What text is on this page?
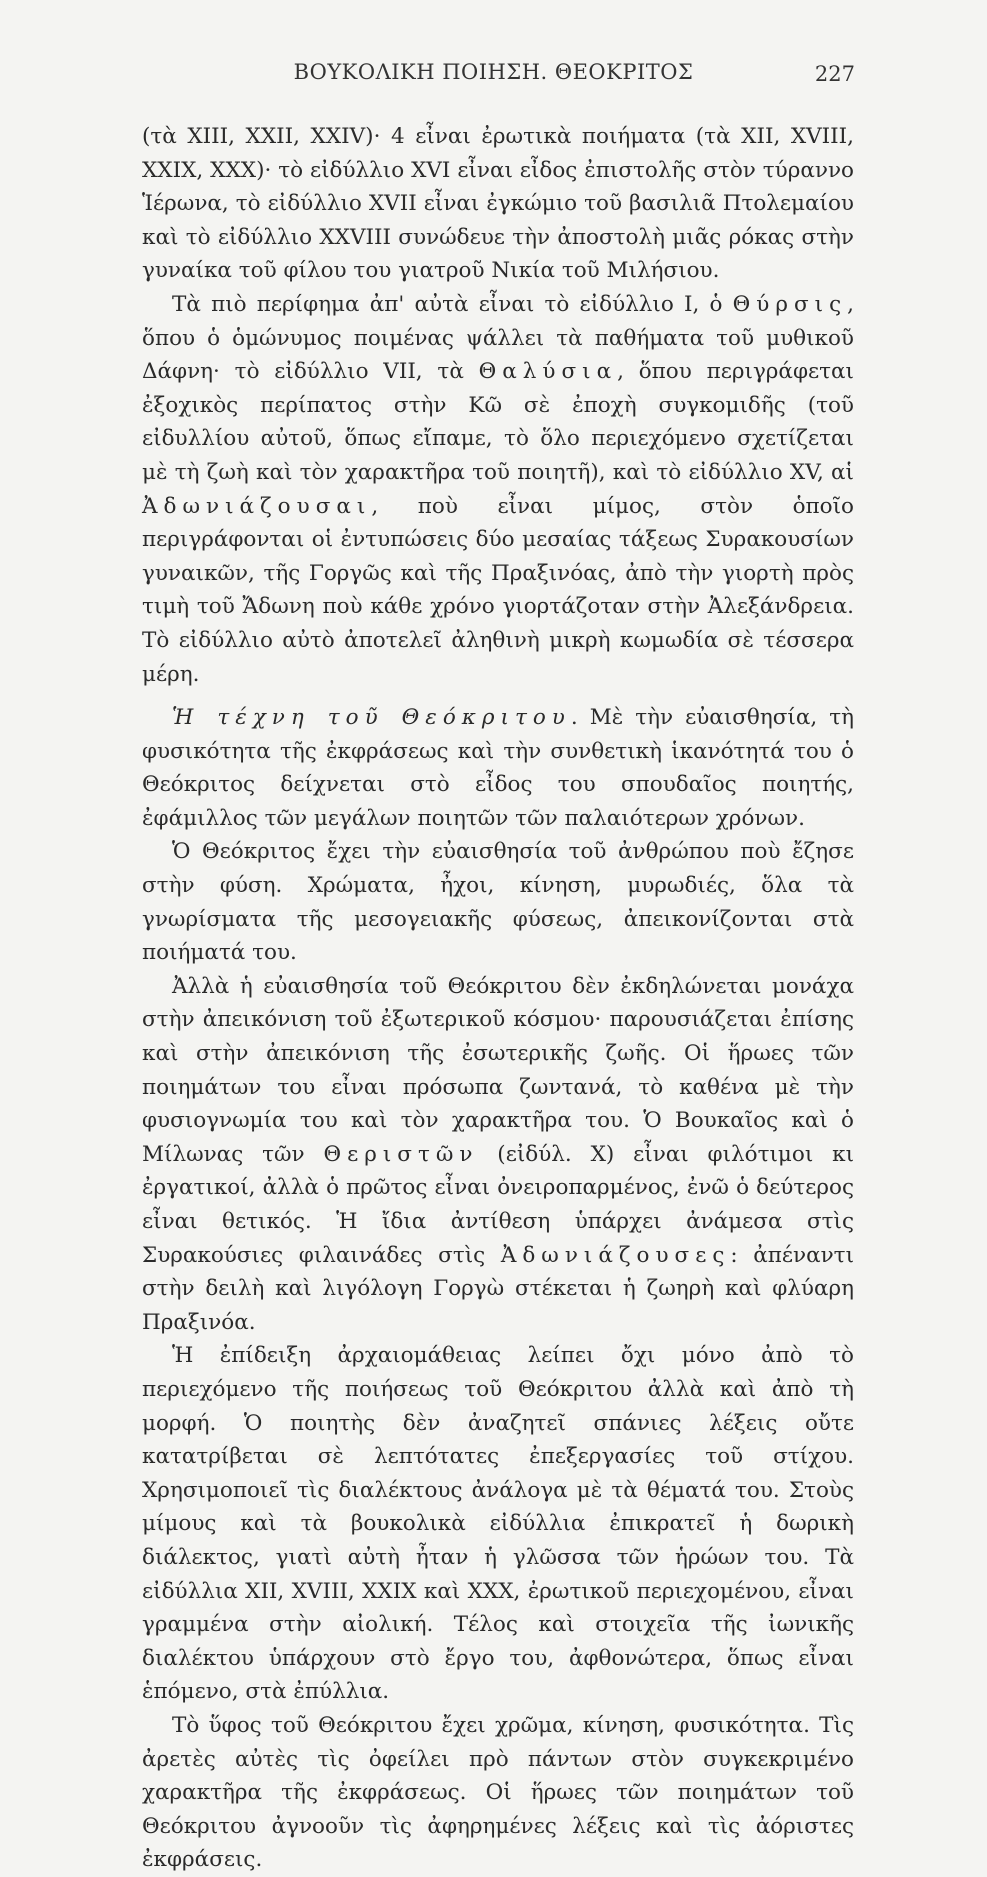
ΒΟΥΚΟΛΙΚΗ ΠΟΙΗΣΗ. ΘΕΟΚΡΙΤΟΣ	227

(τὰ XIII, XXII, XXIV)· 4 εἶναι ἐρωτικὰ ποιήματα (τὰ XII, XVIII, XXIX, XXX)· τὸ εἰδύλλιο XVI εἶναι εἶδος ἐπιστολῆς στὸν τύραννο Ἱέρωνα, τὸ εἰδύλλιο XVII εἶναι ἐγκώμιο τοῦ βασιλιᾶ Πτολεμαίου καὶ τὸ εἰδύλλιο XXVIII συνώδευε τὴν ἀποστολὴ μιᾶς ρόκας στὴν γυναίκα τοῦ φίλου του γιατροῦ Νικία τοῦ Μιλήσιου.

Τὰ πιὸ περίφημα ἀπ' αὐτὰ εἶναι τὸ εἰδύλλιο I, ὁ Θύρσις, ὅπου ὁ ὁμώνυμος ποιμένας ψάλλει τὰ παθήματα τοῦ μυθικοῦ Δάφνη· τὸ εἰδύλλιο VII, τὰ Θαλύσια, ὅπου περιγράφεται ἐξοχικὸς περίπατος στὴν Κῶ σὲ ἐποχὴ συγκομιδῆς (τοῦ εἰδυλλίου αὐτοῦ, ὅπως εἴπαμε, τὸ ὅλο περιεχόμενο σχετίζεται μὲ τὴ ζωὴ καὶ τὸν χαρακτῆρα τοῦ ποιητῆ), καὶ τὸ εἰδύλλιο XV, αἱ Ἀδωνιάζουσαι, ποὺ εἶναι μίμος, στὸν ὁποῖο περιγράφονται οἱ ἐντυπώσεις δύο μεσαίας τάξεως Συρακουσίων γυναικῶν, τῆς Γοργῶς καὶ τῆς Πραξινόας, ἀπὸ τὴν γιορτὴ πρὸς τιμὴ τοῦ Ἄδωνη ποὺ κάθε χρόνο γιορτάζοταν στὴν Ἀλεξάνδρεια. Τὸ εἰδύλλιο αὐτὸ ἀποτελεῖ ἀληθινὴ μικρὴ κωμωδία σὲ τέσσερα μέρη.

Ἡ τέχνη τοῦ Θεόκριτου. Μὲ τὴν εὐαισθησία, τὴ φυσικότητα τῆς ἐκφράσεως καὶ τὴν συνθετικὴ ἱκανότητά του ὁ Θεόκριτος δείχνεται στὸ εἶδος του σπουδαῖος ποιητής, ἐφάμιλλος τῶν μεγάλων ποιητῶν τῶν παλαιότερων χρόνων.

Ὁ Θεόκριτος ἔχει τὴν εὐαισθησία τοῦ ἀνθρώπου ποὺ ἔζησε στὴν φύση. Χρώματα, ἦχοι, κίνηση, μυρωδιές, ὅλα τὰ γνωρίσματα τῆς μεσογειακῆς φύσεως, ἀπεικονίζονται στὰ ποιήματά του.

Ἀλλὰ ἡ εὐαισθησία τοῦ Θεόκριτου δὲν ἐκδηλώνεται μονάχα στὴν ἀπεικόνιση τοῦ ἐξωτερικοῦ κόσμου· παρουσιάζεται ἐπίσης καὶ στὴν ἀπεικόνιση τῆς ἐσωτερικῆς ζωῆς. Οἱ ἥρωες τῶν ποιημάτων του εἶναι πρόσωπα ζωντανά, τὸ καθένα μὲ τὴν φυσιογνωμία του καὶ τὸν χαρακτῆρα του. Ὁ Βουκαῖος καὶ ὁ Μίλωνας τῶν Θεριστῶν (εἰδύλ. X) εἶναι φιλότιμοι κι ἐργατικοί, ἀλλὰ ὁ πρῶτος εἶναι ὀνειροπαρμένος, ἐνῶ ὁ δεύτερος εἶναι θετικός. Ἡ ἴδια ἀντίθεση ὑπάρχει ἀνάμεσα στὶς Συρακούσιες φιλαινάδες στὶς Ἀδωνιάζουσες: ἀπέναντι στὴν δειλὴ καὶ λιγόλογη Γοργὼ στέκεται ἡ ζωηρὴ καὶ φλύαρη Πραξινόα.

Ἡ ἐπίδειξη ἀρχαιομάθειας λείπει ὄχι μόνο ἀπὸ τὸ περιεχόμενο τῆς ποιήσεως τοῦ Θεόκριτου ἀλλὰ καὶ ἀπὸ τὴ μορφή. Ὁ ποιητὴς δὲν ἀναζητεῖ σπάνιες λέξεις οὔτε κατατρίβεται σὲ λεπτότατες ἐπεξεργασίες τοῦ στίχου. Χρησιμοποιεῖ τὶς διαλέκτους ἀνάλογα μὲ τὰ θέματά του. Στοὺς μίμους καὶ τὰ βουκολικὰ εἰδύλλια ἐπικρατεῖ ἡ δωρικὴ διάλεκτος, γιατὶ αὐτὴ ἦταν ἡ γλῶσσα τῶν ἡρώων του. Τὰ εἰδύλλια XII, XVIII, XXIX καὶ XXX, ἐρωτικοῦ περιεχομένου, εἶναι γραμμένα στὴν αἰολική. Τέλος καὶ στοιχεῖα τῆς ἰωνικῆς διαλέκτου ὑπάρχουν στὸ ἔργο του, ἀφθονώτερα, ὅπως εἶναι ἑπόμενο, στὰ ἐπύλλια.

Τὸ ὕφος τοῦ Θεόκριτου ἔχει χρῶμα, κίνηση, φυσικότητα. Τὶς ἀρετὲς αὐτὲς τὶς ὀφείλει πρὸ πάντων στὸν συγκεκριμένο χαρακτῆρα τῆς ἐκφράσεως. Οἱ ἥρωες τῶν ποιημάτων τοῦ Θεόκριτου ἀγνοοῦν τὶς ἀφηρημένες λέξεις καὶ τὶς ἀόριστες ἐκφράσεις.
